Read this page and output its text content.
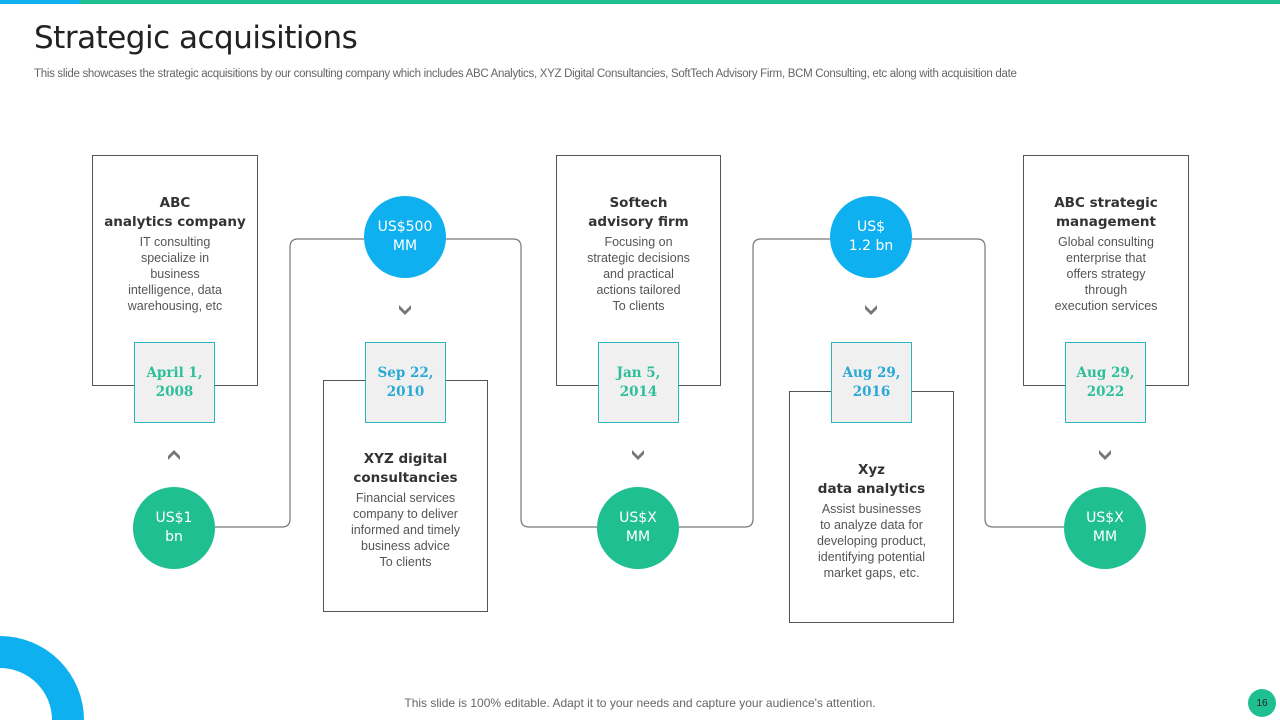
Strategic acquisitions
This slide showcases the strategic acquisitions by our consulting company which includes ABC Analytics, XYZ Digital Consultancies, SoftTech Advisory Firm, BCM Consulting, etc along with acquisition date
ABC
analytics company
IT consulting
specialize in
business
intelligence, data
warehousing, etc
April 1,
2008
US$1
bn
XYZ digital
consultancies
Financial services
company to deliver
informed and timely
business advice
To clients
Sep 22,
2010
US$500
MM
Softech
advisory firm
Focusing on
strategic decisions
and practical
actions tailored
To clients
Jan 5,
2014
US$X
MM
Xyz
data analytics
Assist businesses
to analyze data for
developing product,
identifying potential
market gaps, etc.
Aug 29,
2016
US$
1.2 bn
ABC strategic
management
Global consulting
enterprise that
offers strategy
through
execution services
Aug 29,
2022
US$X
MM
This slide is 100% editable. Adapt it to your needs and capture your audience's attention.	16
